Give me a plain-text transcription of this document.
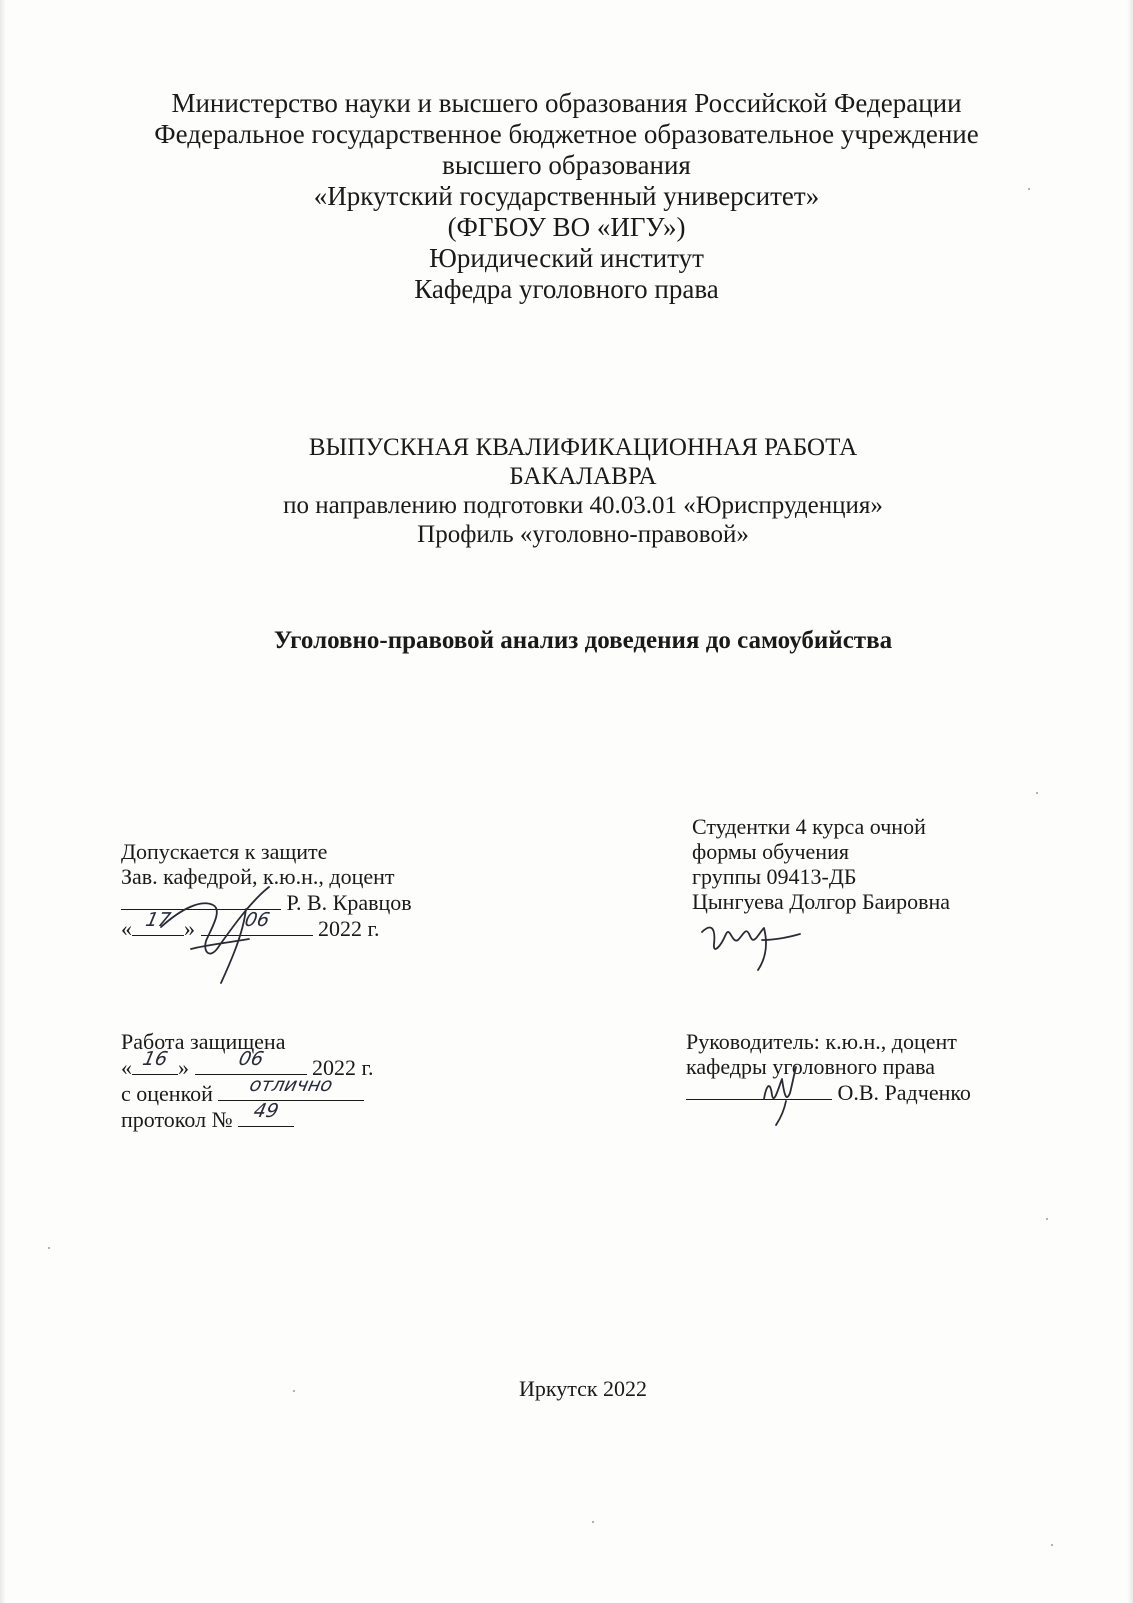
Министерство науки и высшего образования Российской Федерации
Федеральное государственное бюджетное образовательное учреждение
высшего образования
«Иркутский государственный университет»
(ФГБОУ ВО «ИГУ»)
Юридический институт
Кафедра уголовного права
ВЫПУСКНАЯ КВАЛИФИКАЦИОННАЯ РАБОТА
БАКАЛАВРА
по направлению подготовки 40.03.01 «Юриспруденция»
Профиль «уголовно-правовой»
Уголовно-правовой анализ доведения до самоубийства
Допускается к защите
Зав. кафедрой, к.ю.н., доцент
Р. В. Кравцов
« 17 »	06	2022 г.
Студентки 4 курса очной
формы обучения
группы 09413-ДБ
Цынгуева Долгор Баировна
Работа защищена
« 16 »	06	2022 г.
с оценкой	отлично
протокол №	49
Руководитель: к.ю.н., доцент
кафедры уголовного права
О.В. Радченко
Иркутск 2022
